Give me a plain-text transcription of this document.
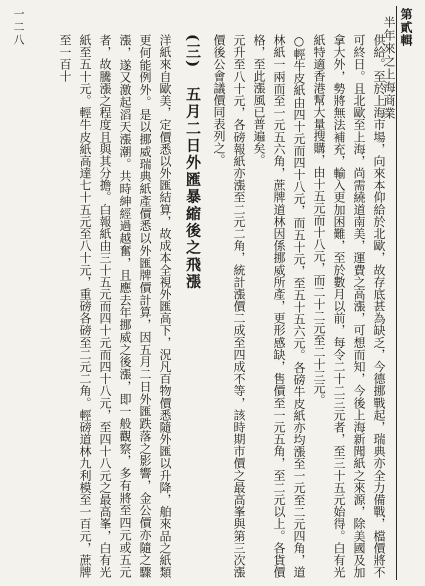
第貳輯
半年來之上海商業
一二八

供給。至於上海市場，向來本仰給於北歐，故存底甚為缺乏，今德挪戰起，瑞典亦全力備戰，檔價將不可終日。且北歐至上海，尚需繞道南美，運費之高漲，可想而知，今後上海新聞紙之來源，除美國及加拿大外，勢將無法補充，輸入更加困難，至於數月以前，每令二十二三元者，至三十五元始得。白有光紙特適香港幫大量搜購，由十五元而十八元，而二十二元至二十三元。

○輕牛皮紙由四十元而四十八元，而五十元，至五十五六元。各磅牛皮紙亦均漲至一元至二元四角，道林紙一兩而至一元五六角，蔗牌道林因係挪威所產，更形感缺，售價至一元五角，至二元以上。各貨價格，至此漲風已普遍矣。

元升至八十元，各磅報紙亦漲至二元二角，統計漲價二成至四成不等，該時期市價之最高峯與第三次漲價後公會議價同表列之。

(三)　五月二日外匯暴縮後之飛漲

洋紙來自歐美，定價悉以外匯結算，故成本全視外匯高下，況凡百物價悉隨外匯以升降，舶來品之紙類更何能例外。是以挪威瑞典紙產價悉以外匯牌價計算，因五月二日外匯跌落之影響，金公價亦隨之驟漲，遂又激起滔天漲潮。共時紳經過越奮，且應去年挪威之後漲，即一般觀察，多有將至四元或五元者，故騰漲之程度且與其分擔。白報紙由三十五元而四十元而四十八元，至四十八元之最高峯，白有光紙至五十元。輕牛皮紙高達七十五元至八十元，重磅各磅至二元二角。輕磅道林九利模至一百元，蔗牌至一百十
